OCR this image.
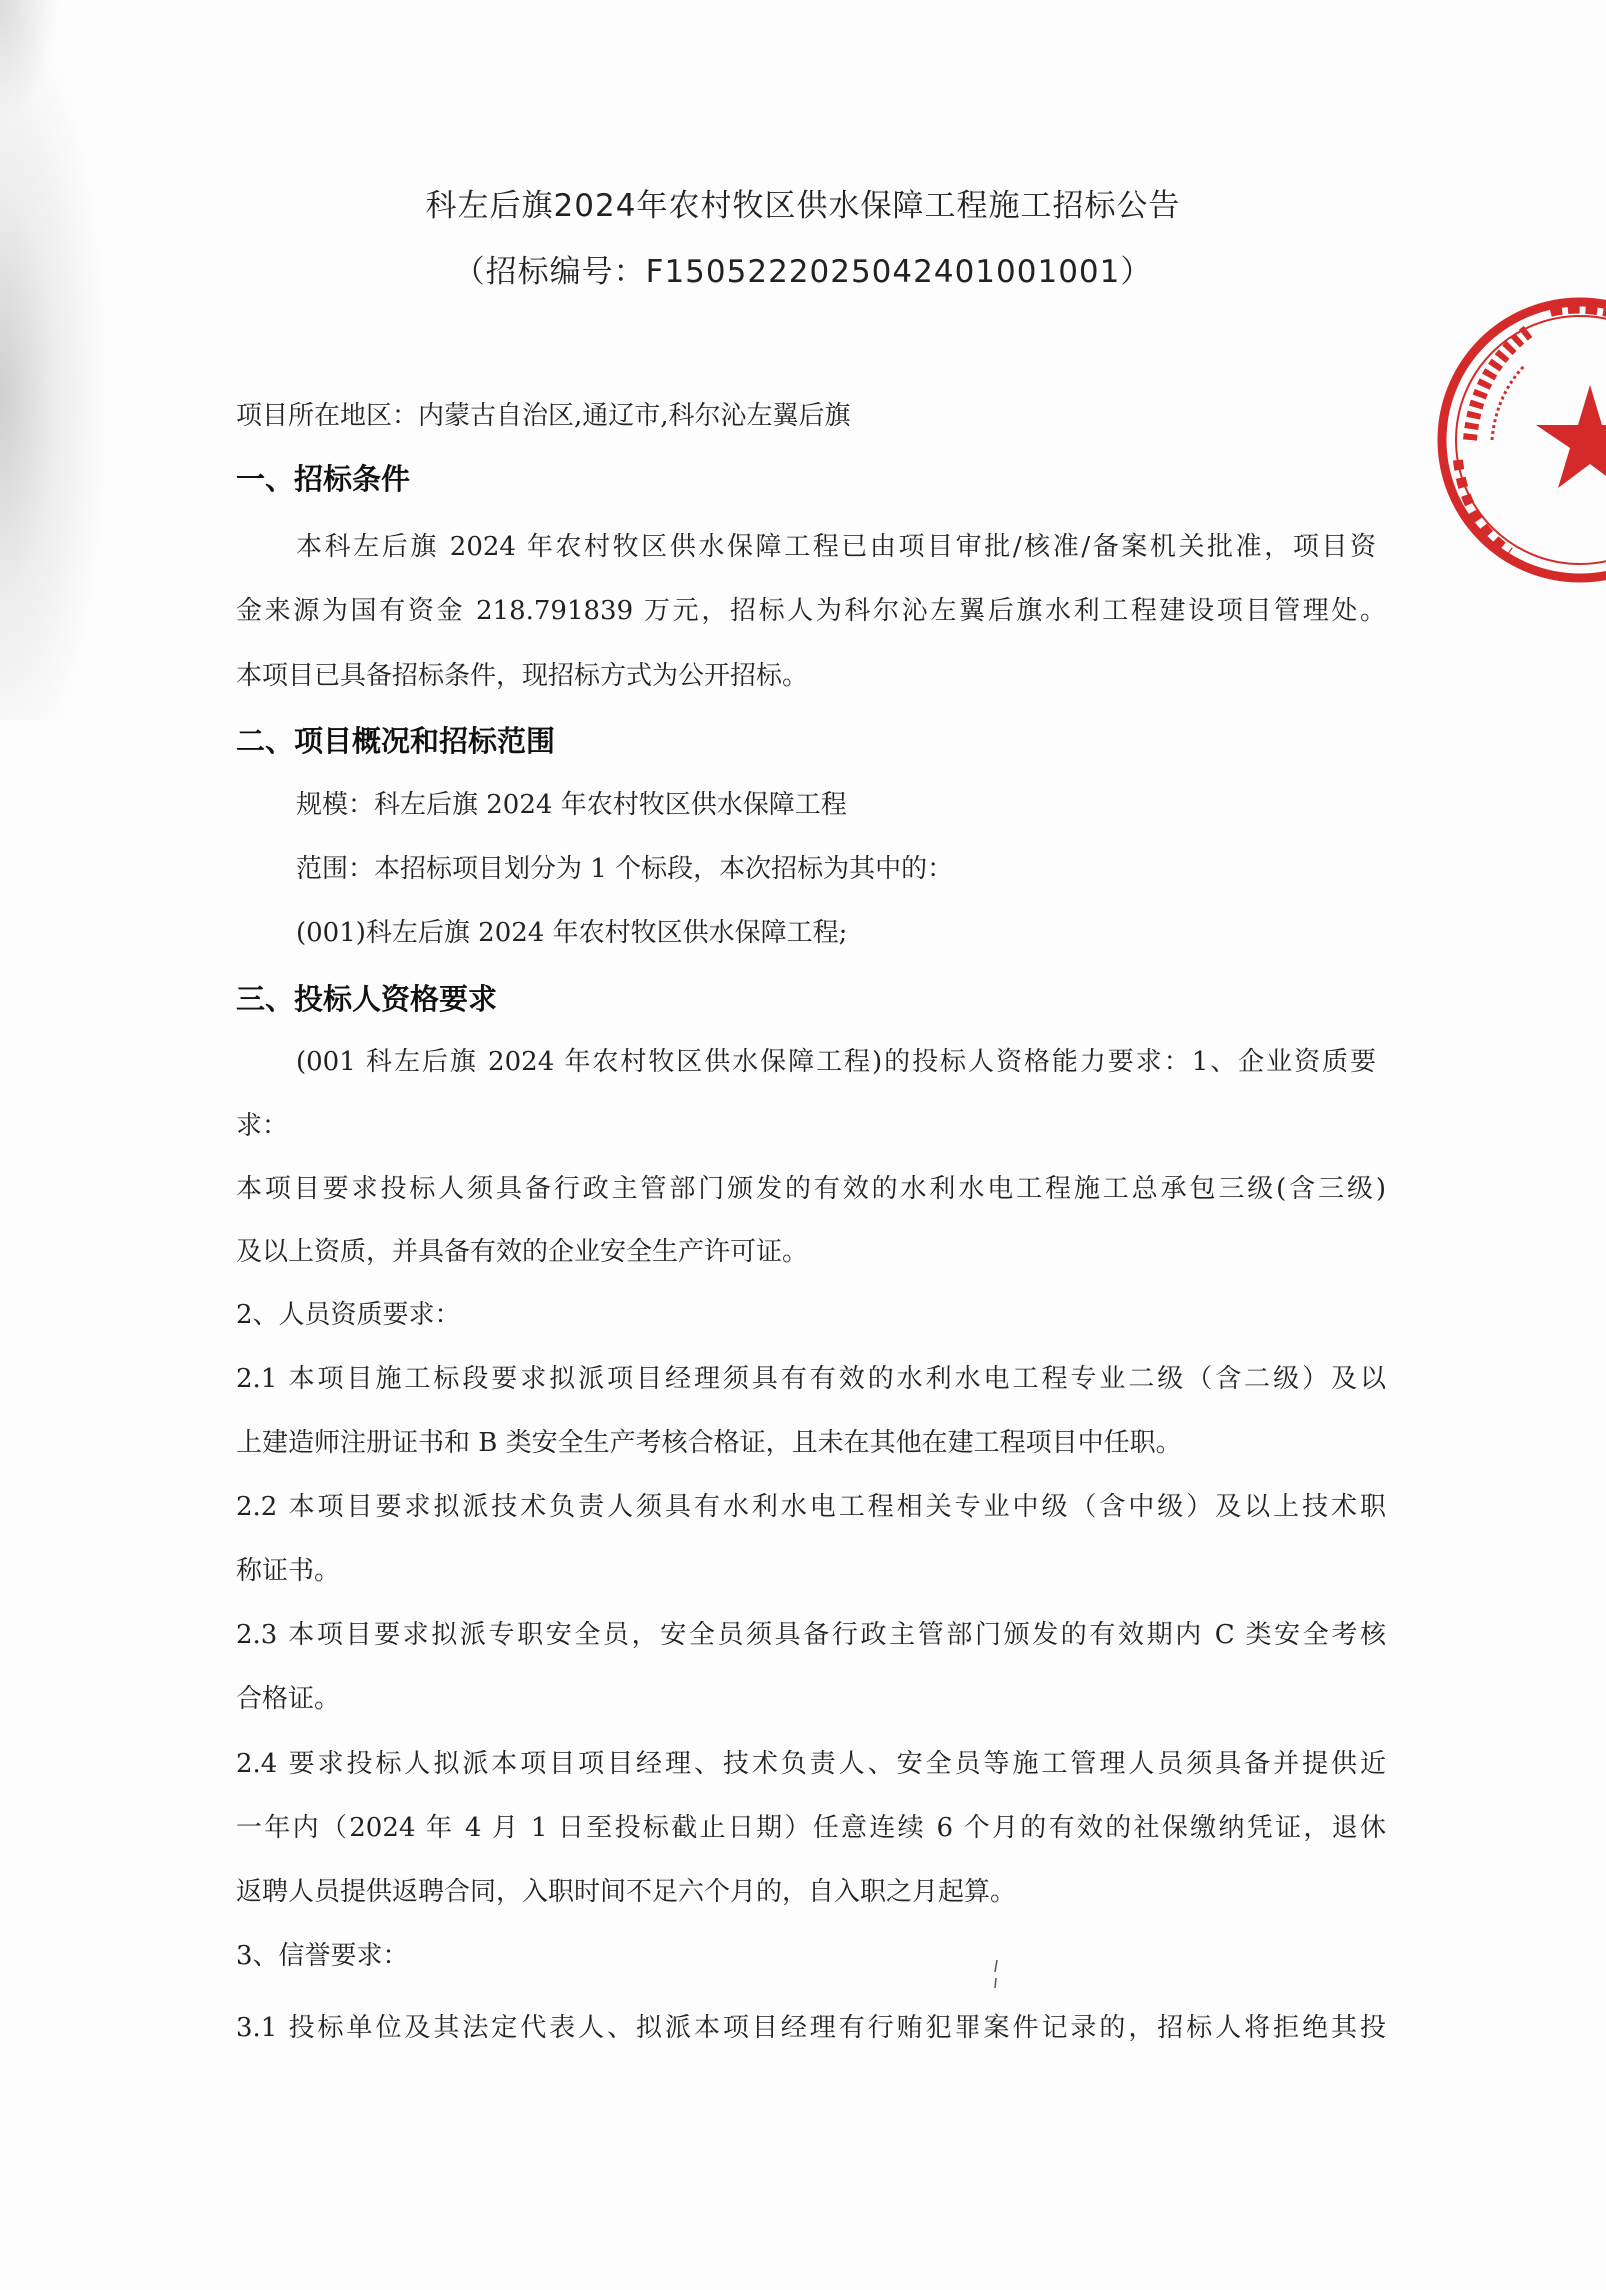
科左后旗2024年农村牧区供水保障工程施工招标公告
（招标编号：F1505222025042401001001）
项目所在地区：内蒙古自治区,通辽市,科尔沁左翼后旗
一、招标条件
本科左后旗 2024 年农村牧区供水保障工程已由项目审批/核准/备案机关批准，项目资
金来源为国有资金 218.791839 万元，招标人为科尔沁左翼后旗水利工程建设项目管理处。
本项目已具备招标条件，现招标方式为公开招标。
二、项目概况和招标范围
规模：科左后旗 2024 年农村牧区供水保障工程
范围：本招标项目划分为 1 个标段，本次招标为其中的：
(001)科左后旗 2024 年农村牧区供水保障工程;
三、投标人资格要求
(001 科左后旗 2024 年农村牧区供水保障工程)的投标人资格能力要求：1、企业资质要
求：
本项目要求投标人须具备行政主管部门颁发的有效的水利水电工程施工总承包三级(含三级)
及以上资质，并具备有效的企业安全生产许可证。
2、人员资质要求：
2.1 本项目施工标段要求拟派项目经理须具有有效的水利水电工程专业二级（含二级）及以
上建造师注册证书和 B 类安全生产考核合格证，且未在其他在建工程项目中任职。
2.2 本项目要求拟派技术负责人须具有水利水电工程相关专业中级（含中级）及以上技术职
称证书。
2.3 本项目要求拟派专职安全员，安全员须具备行政主管部门颁发的有效期内 C 类安全考核
合格证。
2.4 要求投标人拟派本项目项目经理、技术负责人、安全员等施工管理人员须具备并提供近
一年内（2024 年 4 月 1 日至投标截止日期）任意连续 6 个月的有效的社保缴纳凭证，退休
返聘人员提供返聘合同，入职时间不足六个月的，自入职之月起算。
3、信誉要求：
3.1 投标单位及其法定代表人、拟派本项目经理有行贿犯罪案件记录的，招标人将拒绝其投
